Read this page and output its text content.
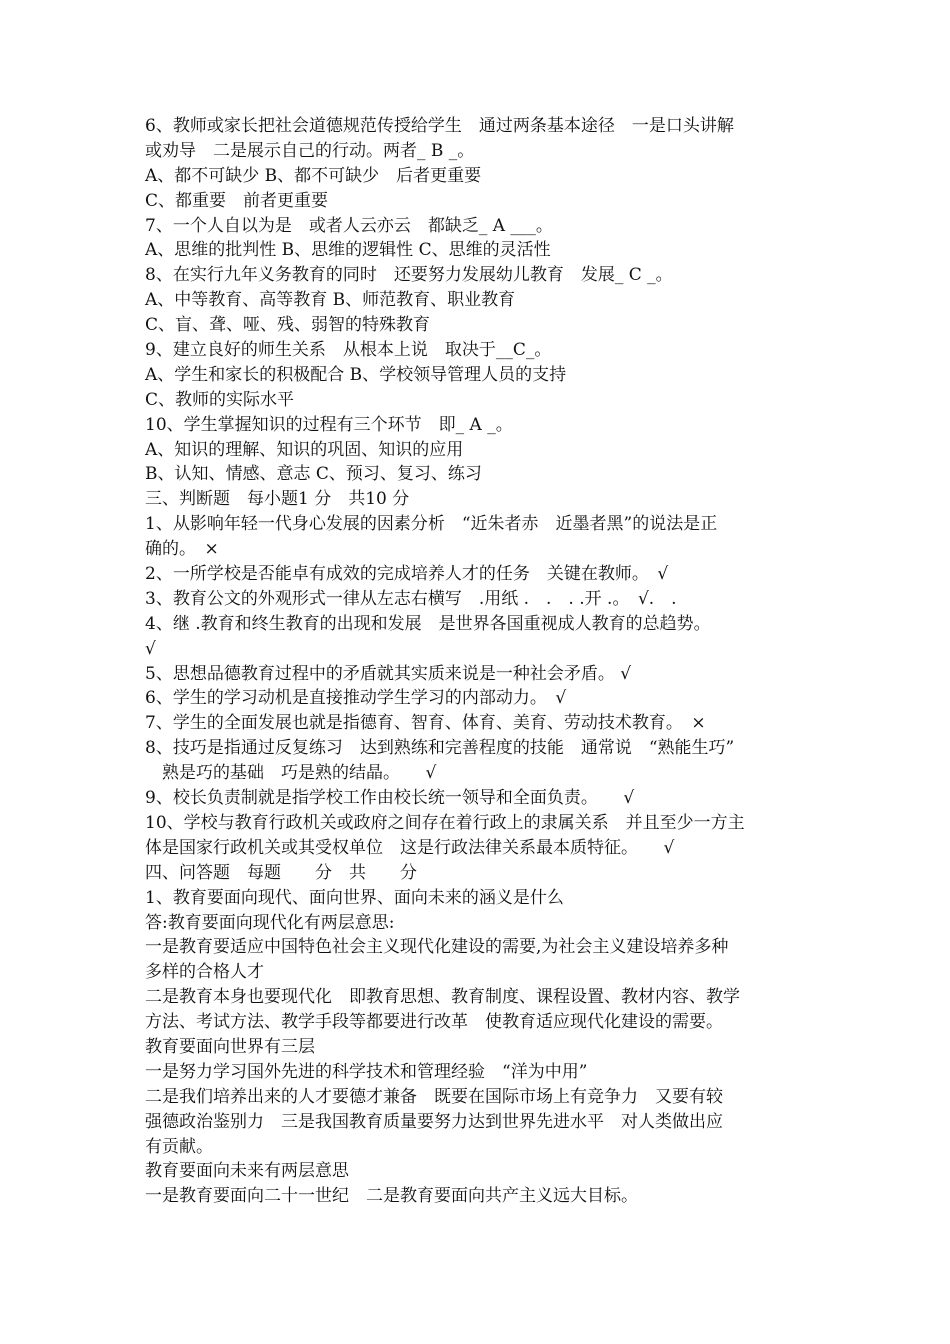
6、教师或家长把社会道德规范传授给学生　通过两条基本途径　一是口头讲解
或劝导　二是展示自己的行动。两者_ B _。
A、都不可缺少 B、都不可缺少　后者更重要
C、都重要　前者更重要
7、一个人自以为是　或者人云亦云　都缺乏_ A ___。
A、思维的批判性 B、思维的逻辑性 C、思维的灵活性
8、在实行九年义务教育的同时　还要努力发展幼儿教育　发展_ C _。
A、中等教育、高等教育 B、师范教育、职业教育
C、盲、聋、哑、残、弱智的特殊教育
9、建立良好的师生关系　从根本上说　取决于__C_。
A、学生和家长的积极配合 B、学校领导管理人员的支持
C、教师的实际水平
10、学生掌握知识的过程有三个环节　即_ A _。
A、知识的理解、知识的巩固、知识的应用
B、认知、情感、意志 C、预习、复习、练习
三、判断题　每小题1 分　共10 分
1、从影响年轻一代身心发展的因素分析　“近朱者赤　近墨者黑”的说法是正
确的。　×
2、一所学校是否能卓有成效的完成培养人才的任务　关键在教师。　√
3、教育公文的外观形式一律从左志右横写　.用纸 .　.　. .开 .。　√.　.
4、继 .教育和终生教育的出现和发展　是世界各国重视成人教育的总趋势。
√
5、思想品德教育过程中的矛盾就其实质来说是一种社会矛盾。 √
6、学生的学习动机是直接推动学生学习的内部动力。　√
7、学生的全面发展也就是指德育、智育、体育、美育、劳动技术教育。　×
8、技巧是指通过反复练习　达到熟练和完善程度的技能　通常说　“熟能生巧”
　熟是巧的基础　巧是熟的结晶。　　√
9、校长负责制就是指学校工作由校长统一领导和全面负责。　　√
10、学校与教育行政机关或政府之间存在着行政上的隶属关系　并且至少一方主
体是国家行政机关或其受权单位　这是行政法律关系最本质特征。　　√
四、问答题　每题　　分　共　　分
1、教育要面向现代、面向世界、面向未来的涵义是什么
答:教育要面向现代化有两层意思:
一是教育要适应中国特色社会主义现代化建设的需要,为社会主义建设培养多种
多样的合格人才
二是教育本身也要现代化　即教育思想、教育制度、课程设置、教材内容、教学
方法、考试方法、教学手段等都要进行改革　使教育适应现代化建设的需要。
教育要面向世界有三层
一是努力学习国外先进的科学技术和管理经验　“洋为中用”
二是我们培养出来的人才要德才兼备　既要在国际市场上有竞争力　又要有较
强德政治鉴别力　三是我国教育质量要努力达到世界先进水平　对人类做出应
有贡献。
教育要面向未来有两层意思
一是教育要面向二十一世纪　二是教育要面向共产主义远大目标。
